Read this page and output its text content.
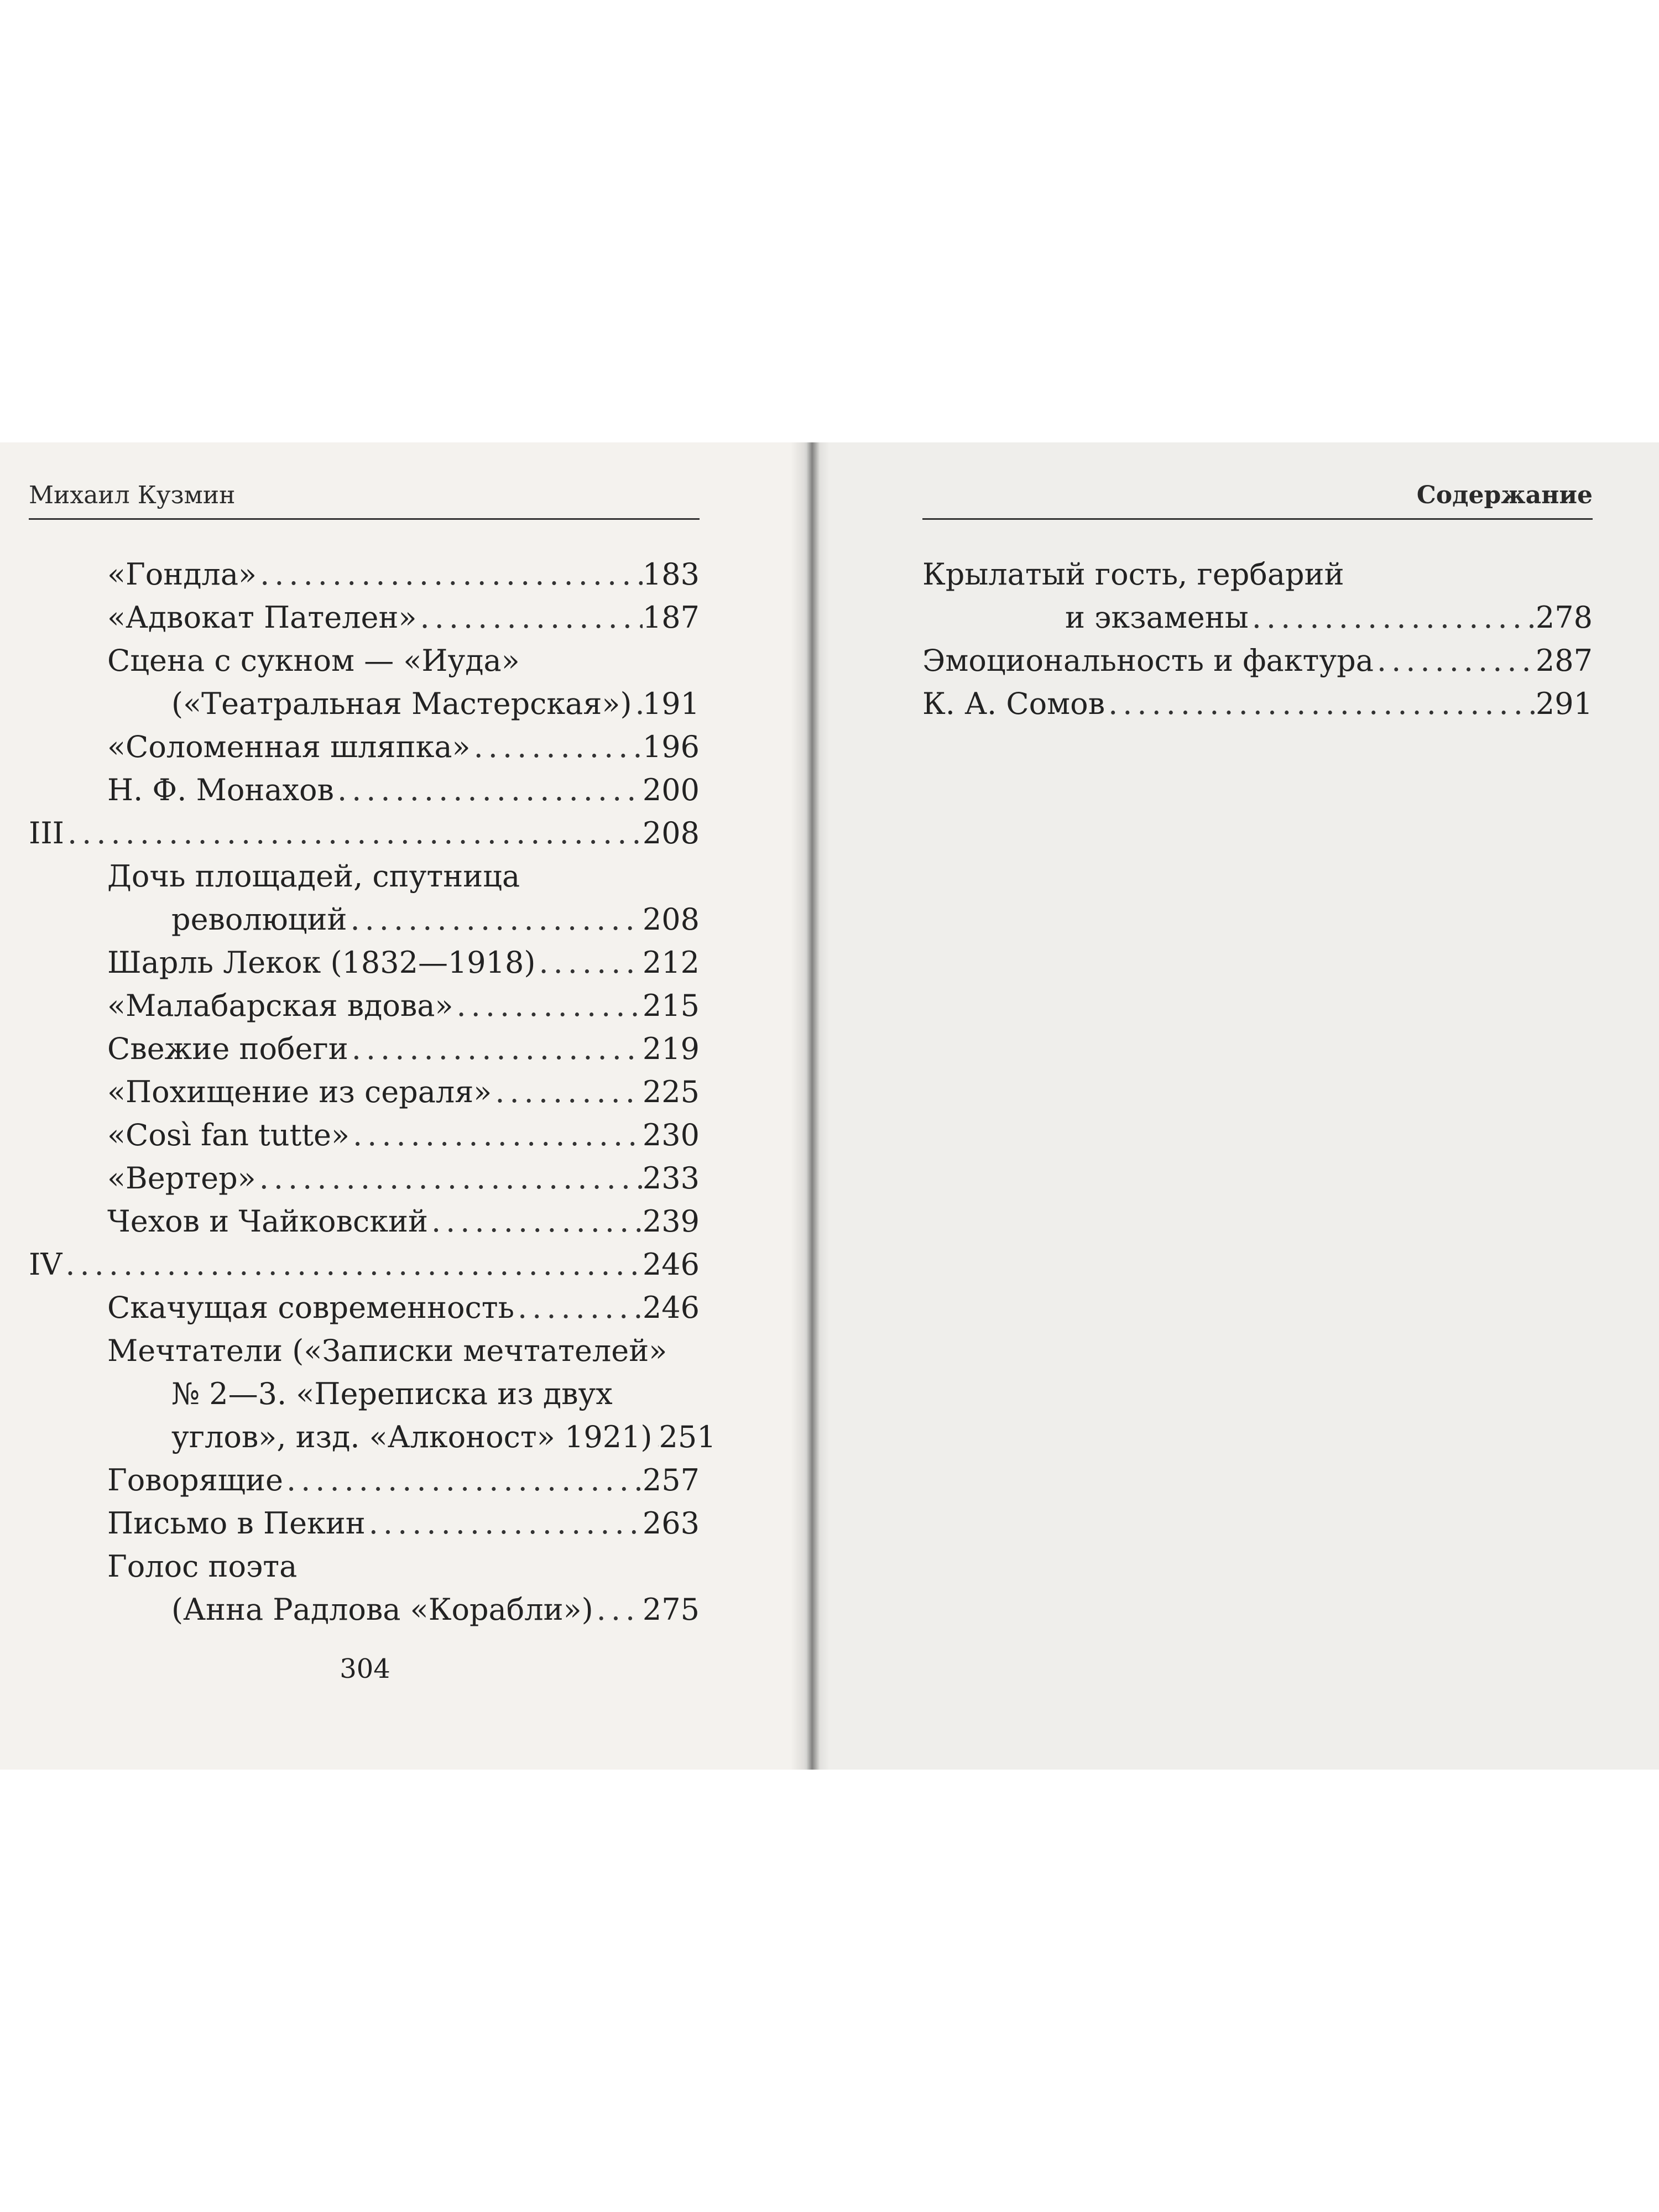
Михаил Кузмин	Содержание
«Гондла» .....	183
«Адвокат Пателен» .....	187
Сцена с сукном — «Иуда»
(«Театральная Мастерская») ..... 191
«Соломенная шляпка» .....	196
Н. Ф. Монахов .....	200
III .....	208
Дочь площадей, спутница
революций .....	208
Шарль Лекок (1832—1918) .....	212
«Малабарская вдова» .....	215
Свежие побеги .....	219
«Похищение из сераля» .....	225
«Così fan tutte» .....	230
«Вертер» .....	233
Чехов и Чайковский .....	239
IV .....	246
Скачущая современность .....	246
Мечтатели («Записки мечтателей»
№ 2—3. «Переписка из двух
углов», изд. «Алконост» 1921) ..... 251
Говорящие .....	257
Письмо в Пекин .....	263
Голос поэта
(Анна Радлова «Корабли») ..... 275
Крылатый гость, гербарий
и экзамены .....	278
Эмоциональность и фактура .....	287
К. А. Сомов .....	291
304
